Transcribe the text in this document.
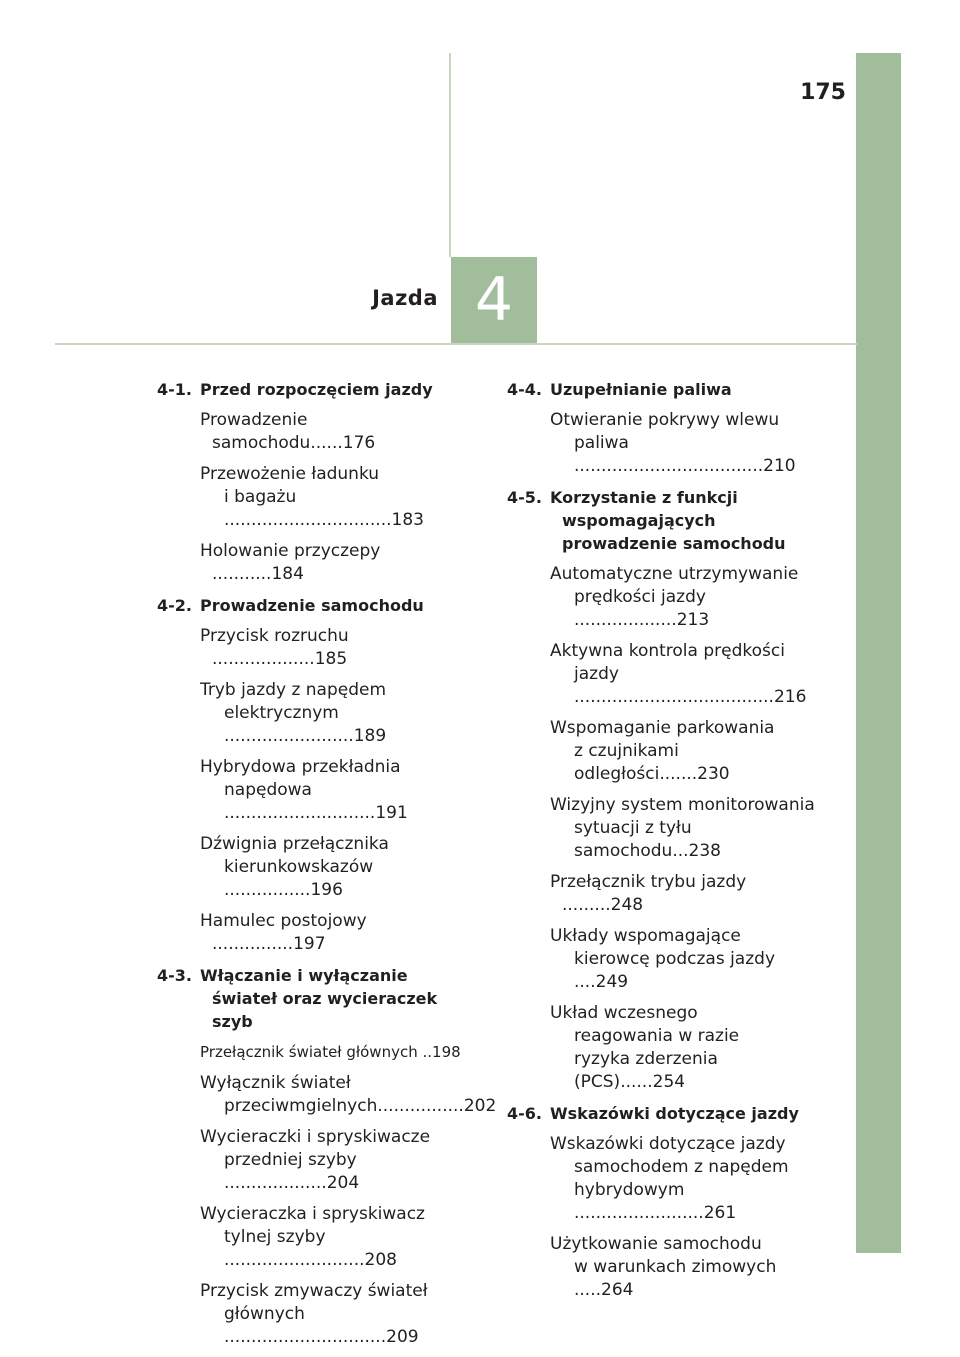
175
Jazda 4
4-1. Przed rozpoczęciem jazdy
Prowadzenie samochodu......176
Przewożenie ładunku
i bagażu ...............................183
Holowanie przyczepy ...........184
4-2. Prowadzenie samochodu
Przycisk rozruchu ...................185
Tryb jazdy z napędem
elektrycznym ........................189
Hybrydowa przekładnia
napędowa ............................191
Dźwignia przełącznika
kierunkowskazów ................196
Hamulec postojowy ...............197
4-3. Włączanie i wyłączanie
świateł oraz wycieraczek szyb
Przełącznik świateł głównych ..198
Wyłącznik świateł
przeciwmgielnych................202
Wycieraczki i spryskiwacze
przedniej szyby ...................204
Wycieraczka i spryskiwacz
tylnej szyby ..........................208
Przycisk zmywaczy świateł
głównych ..............................209
4-4. Uzupełnianie paliwa
Otwieranie pokrywy wlewu
paliwa ...................................210
4-5. Korzystanie z funkcji
wspomagających prowadzenie samochodu
Automatyczne utrzymywanie
prędkości jazdy ...................213
Aktywna kontrola prędkości
jazdy .....................................216
Wspomaganie parkowania
z czujnikami odległości.......230
Wizyjny system monitorowania
sytuacji z tyłu samochodu...238
Przełącznik trybu jazdy .........248
Układy wspomagające
kierowcę podczas jazdy ....249
Układ wczesnego
reagowania w razie
ryzyka zderzenia (PCS)......254
4-6. Wskazówki dotyczące jazdy
Wskazówki dotyczące jazdy
samochodem z napędem
hybrydowym ........................261
Użytkowanie samochodu
w warunkach zimowych .....264
